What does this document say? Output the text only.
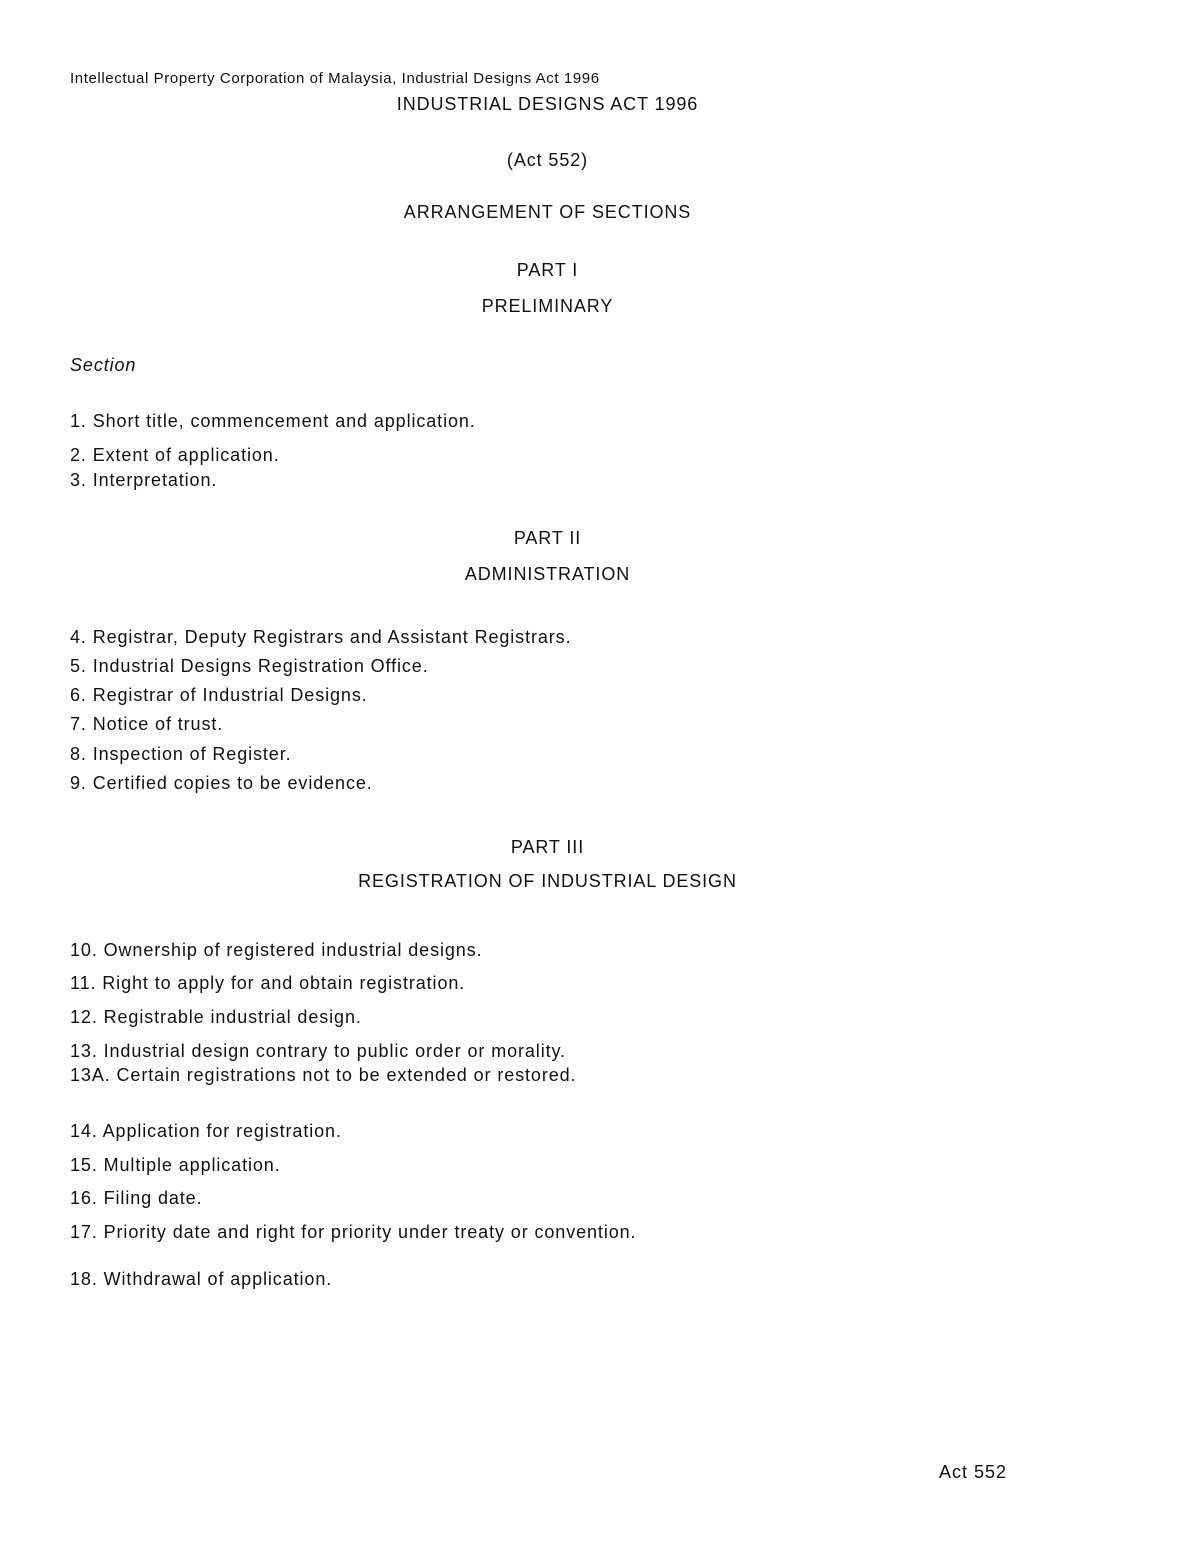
Intellectual Property Corporation of Malaysia, Industrial Designs Act 1996
INDUSTRIAL DESIGNS ACT 1996
(Act 552)
ARRANGEMENT OF SECTIONS
PART I
PRELIMINARY
Section
1. Short title, commencement and application.
2. Extent of application.
3. Interpretation.
PART II
ADMINISTRATION
4. Registrar, Deputy Registrars and Assistant Registrars.
5. Industrial Designs Registration Office.
6. Registrar of Industrial Designs.
7. Notice of trust.
8. Inspection of Register.
9. Certified copies to be evidence.
PART III
REGISTRATION OF INDUSTRIAL DESIGN
10. Ownership of registered industrial designs.
11. Right to apply for and obtain registration.
12. Registrable industrial design.
13. Industrial design contrary to public order or morality.
13A. Certain registrations not to be extended or restored.
14. Application for registration.
15. Multiple application.
16. Filing date.
17. Priority date and right for priority under treaty or convention.
18. Withdrawal of application.
Act 552
